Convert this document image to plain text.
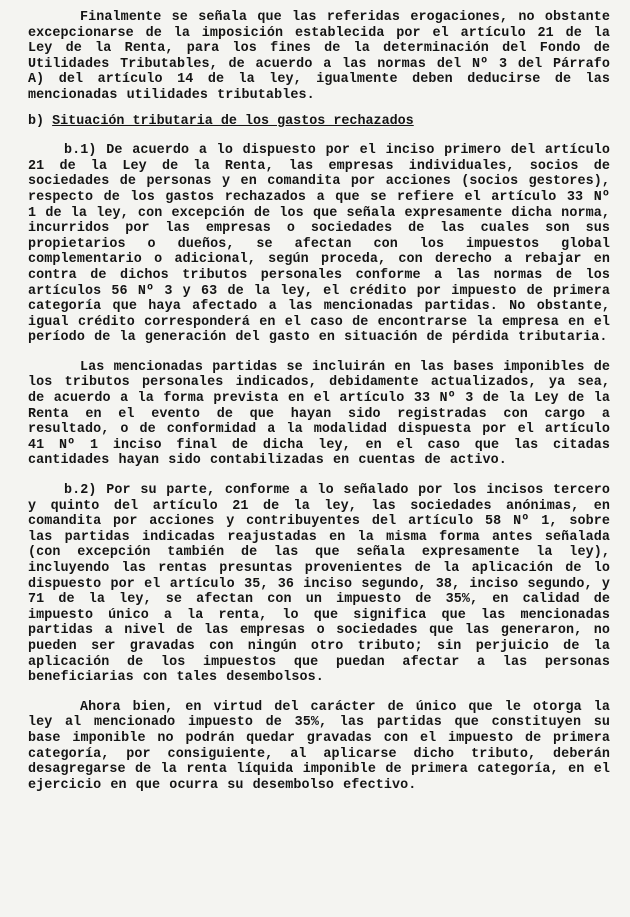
Finalmente se señala que las referidas erogaciones, no obstante excepcionarse de la imposición establecida por el artículo 21 de la Ley de la Renta, para los fines de la determinación del Fondo de Utilidades Tributables, de acuerdo a las normas del Nº 3 del Párrafo A) del artículo 14 de la ley, igualmente deben deducirse de las mencionadas utilidades tributables.

b) Situación tributaria de los gastos rechazados

b.1) De acuerdo a lo dispuesto por el inciso primero del artículo 21 de la Ley de la Renta, las empresas individuales, socios de sociedades de personas y en comandita por acciones (socios gestores), respecto de los gastos rechazados a que se refiere el artículo 33 Nº 1 de la ley, con excepción de los que señala expresamente dicha norma, incurridos por las empresas o sociedades de las cuales son sus propietarios o dueños, se afectan con los impuestos global complementario o adicional, según proceda, con derecho a rebajar en contra de dichos tributos personales conforme a las normas de los artículos 56 Nº 3 y 63 de la ley, el crédito por impuesto de primera categoría que haya afectado a las mencionadas partidas. No obstante, igual crédito corresponderá en el caso de encontrarse la empresa en el período de la generación del gasto en situación de pérdida tributaria.

Las mencionadas partidas se incluirán en las bases imponibles de los tributos personales indicados, debidamente actualizados, ya sea, de acuerdo a la forma prevista en el artículo 33 Nº 3 de la Ley de la Renta en el evento de que hayan sido registradas con cargo a resultado, o de conformidad a la modalidad dispuesta por el artículo 41 Nº 1 inciso final de dicha ley, en el caso que las citadas cantidades hayan sido contabilizadas en cuentas de activo.

b.2) Por su parte, conforme a lo señalado por los incisos tercero y quinto del artículo 21 de la ley, las sociedades anónimas, en comandita por acciones y contribuyentes del artículo 58 Nº 1, sobre las partidas indicadas reajustadas en la misma forma antes señalada (con excepción también de las que señala expresamente la ley), incluyendo las rentas presuntas provenientes de la aplicación de lo dispuesto por el artículo 35, 36 inciso segundo, 38, inciso segundo, y 71 de la ley, se afectan con un impuesto de 35%, en calidad de impuesto único a la renta, lo que significa que las mencionadas partidas a nivel de las empresas o sociedades que las generaron, no pueden ser gravadas con ningún otro tributo; sin perjuicio de la aplicación de los impuestos que puedan afectar a las personas beneficiarias con tales desembolsos.

Ahora bien, en virtud del carácter de único que le otorga la ley al mencionado impuesto de 35%, las partidas que constituyen su base imponible no podrán quedar gravadas con el impuesto de primera categoría, por consiguiente, al aplicarse dicho tributo, deberán desagregarse de la renta líquida imponible de primera categoría, en el ejercicio en que ocurra su desembolso efectivo.
